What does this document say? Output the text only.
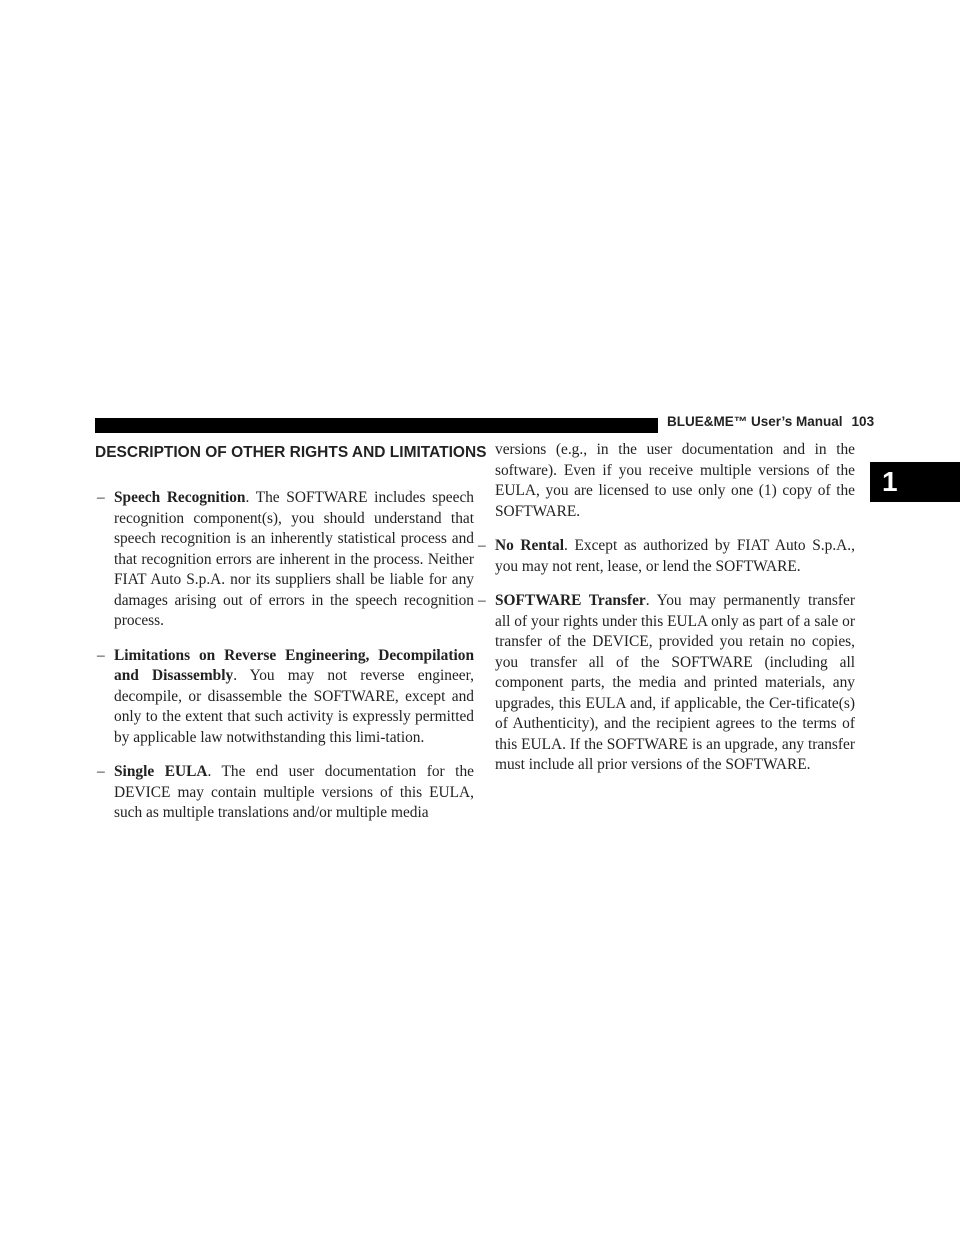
BLUE&ME™ User’s Manual 103
1
DESCRIPTION OF OTHER RIGHTS AND LIMITATIONS

– Speech Recognition. The SOFTWARE includes speech recognition component(s), you should understand that speech recognition is an inherently statistical process and that recognition errors are inherent in the process. Neither FIAT Auto S.p.A. nor its suppliers shall be liable for any damages arising out of errors in the speech recognition process.

– Limitations on Reverse Engineering, Decompilation and Disassembly. You may not reverse engineer, decompile, or disassemble the SOFTWARE, except and only to the extent that such activity is expressly permitted by applicable law notwithstanding this limi-tation.

– Single EULA. The end user documentation for the DEVICE may contain multiple versions of this EULA, such as multiple translations and/or multiple media

versions (e.g., in the user documentation and in the software). Even if you receive multiple versions of the EULA, you are licensed to use only one (1) copy of the SOFTWARE.

– No Rental. Except as authorized by FIAT Auto S.p.A., you may not rent, lease, or lend the SOFTWARE.

– SOFTWARE Transfer. You may permanently transfer all of your rights under this EULA only as part of a sale or transfer of the DEVICE, provided you retain no copies, you transfer all of the SOFTWARE (including all component parts, the media and printed materials, any upgrades, this EULA and, if applicable, the Cer-tificate(s) of Authenticity), and the recipient agrees to the terms of this EULA. If the SOFTWARE is an upgrade, any transfer must include all prior versions of the SOFTWARE.
